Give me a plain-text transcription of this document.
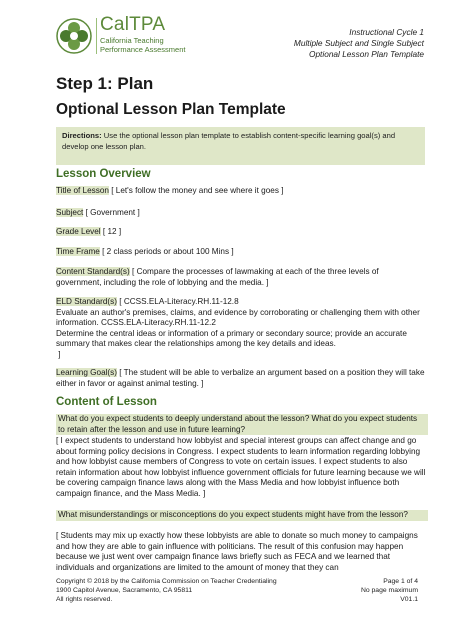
CalTPA
California Teaching
Performance Assessment
Instructional Cycle 1
Multiple Subject and Single Subject
Optional Lesson Plan Template
Step 1: Plan
Optional Lesson Plan Template
Directions: Use the optional lesson plan template to establish content-specific learning goal(s) and develop one lesson plan.
Lesson Overview
Title of Lesson [ Let's follow the money and see where it goes ]
Subject [ Government ]
Grade Level [ 12 ]
Time Frame [ 2 class periods or about 100 Mins ]
Content Standard(s) [ Compare the processes of lawmaking at each of the three levels of government, including the role of lobbying and the media. ]
ELD Standard(s) [ CCSS.ELA-Literacy.RH.11-12.8
Evaluate an author's premises, claims, and evidence by corroborating or challenging them with other information. CCSS.ELA-Literacy.RH.11-12.2
Determine the central ideas or information of a primary or secondary source; provide an accurate summary that makes clear the relationships among the key details and ideas.
]
Learning Goal(s) [ The student will be able to verbalize an argument based on a position they will take either in favor or against animal testing. ]
Content of Lesson
What do you expect students to deeply understand about the lesson? What do you expect students to retain after the lesson and use in future learning?
[ I expect students to understand how lobbyist and special interest groups can affect change and go about forming policy decisions in Congress. I expect students to learn information regarding lobbying and how lobbyist cause members of Congress to vote on certain issues. I expect students to also retain information about how lobbyist influence government officials for future learning because we will be covering campaign finance laws along with the Mass Media and how lobbyist influence both campaign finance, and the Mass Media. ]
What misunderstandings or misconceptions do you expect students might have from the lesson?
[ Students may mix up exactly how these lobbyists are able to donate so much money to campaigns and how they are able to gain influence with politicians. The result of this confusion may happen because we just went over campaign finance laws briefly such as FECA and we learned that individuals and organizations are limited to the amount of money that they can
Copyright © 2018 by the California Commission on Teacher Credentialing
1900 Capitol Avenue, Sacramento, CA 95811
All rights reserved.
Page 1 of 4
No page maximum
V01.1
